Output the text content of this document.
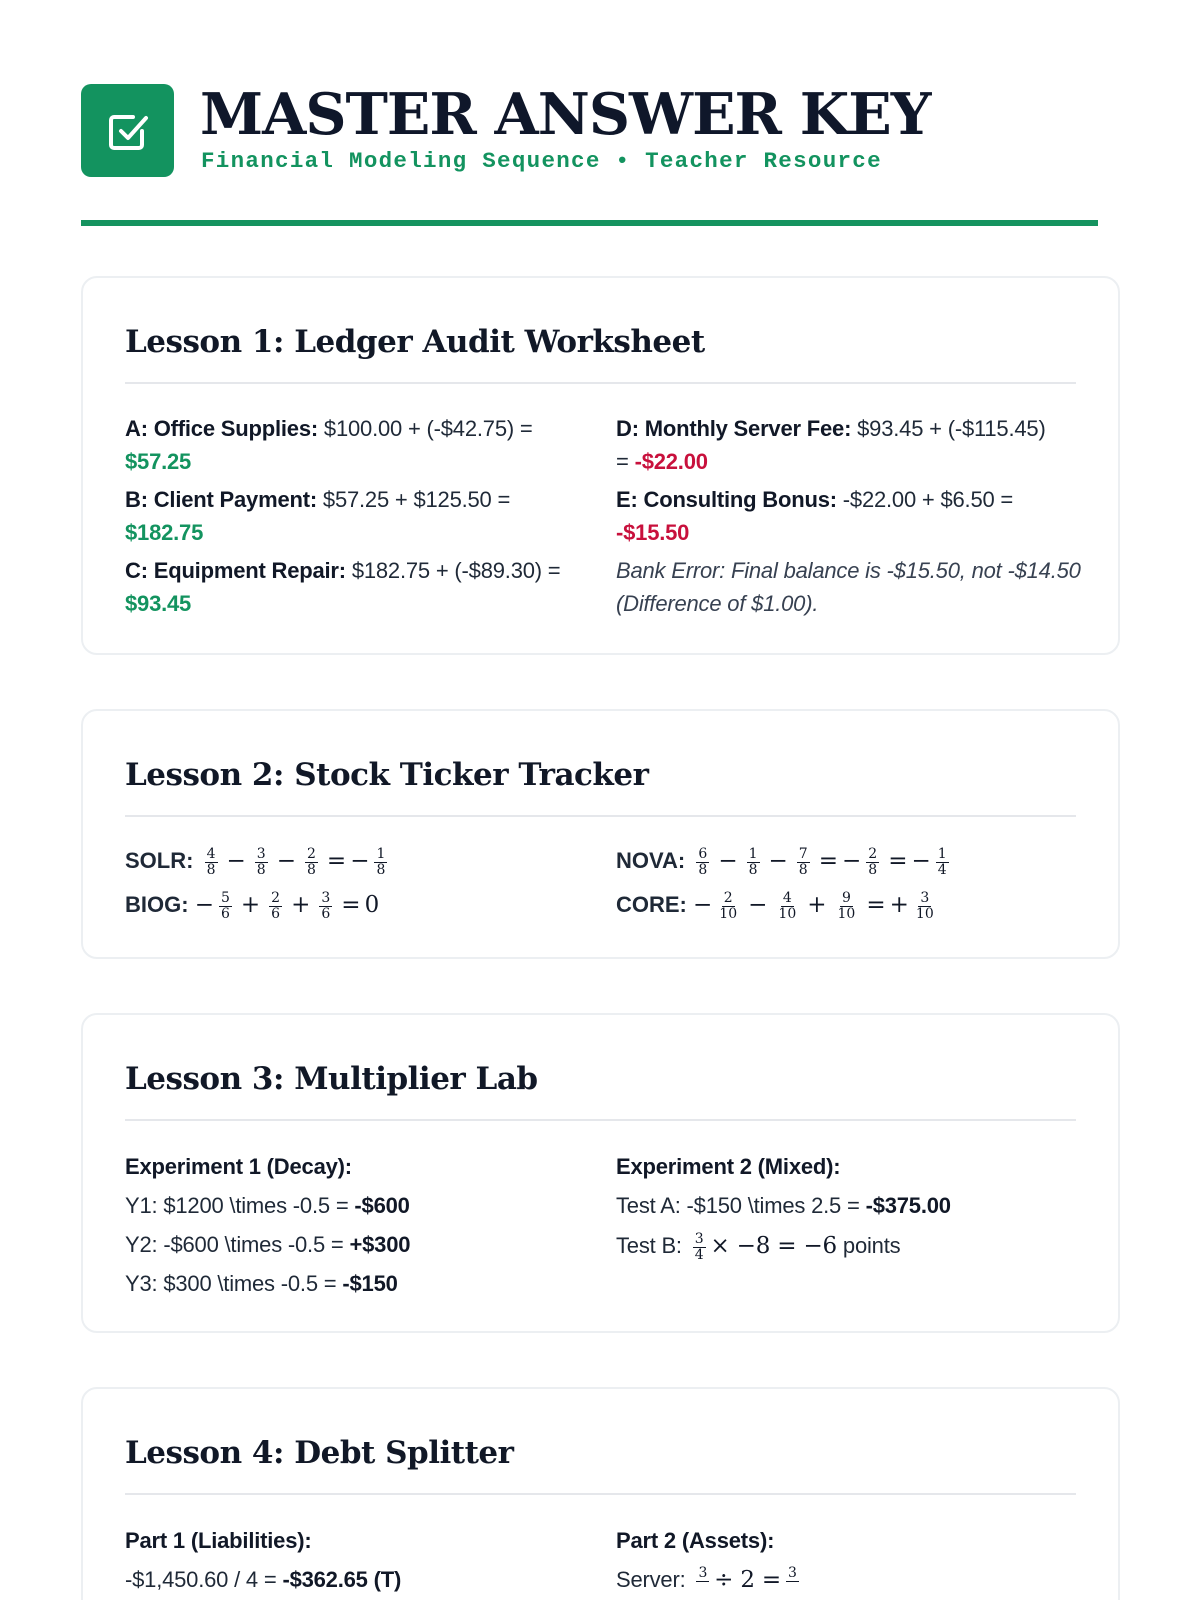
MASTER ANSWER KEY
Financial Modeling Sequence • Teacher Resource
Lesson 1: Ledger Audit Worksheet
A: Office Supplies: $100.00 + (-$42.75) =
$57.25
B: Client Payment: $57.25 + $125.50 =
$182.75
C: Equipment Repair: $182.75 + (-$89.30) =
$93.45
D: Monthly Server Fee: $93.45 + (-$115.45)
= -$22.00
E: Consulting Bonus: -$22.00 + $6.50 =
-$15.50
Bank Error: Final balance is -$15.50, not -$14.50 (Difference of $1.00).
Lesson 2: Stock Ticker Tracker
SOLR: $\frac{4}{8} - \frac{3}{8} - \frac{2}{8}$ = − $\frac{1}{8}$
BIOG: − $\frac{5}{6} + \frac{2}{6} + \frac{3}{6} = 0$
NOVA: $\frac{6}{8} - \frac{1}{8} - \frac{7}{8}$ = − $\frac{2}{8}$ = − $\frac{1}{4}$
CORE: − $\frac{2}{10} - \frac{4}{10} + \frac{9}{10}$ = + $\frac{3}{10}$
Lesson 3: Multiplier Lab
Experiment 1 (Decay):
Y1: $1200 \times -0.5 = -$600
Y2: -$600 \times -0.5 = +$300
Y3: $300 \times -0.5 = -$150
Experiment 2 (Mixed):
Test A: -$150 \times 2.5 = -$375.00
Test B: $\frac{3}{4} \times -8 = -6$ points
Lesson 4: Debt Splitter
Part 1 (Liabilities):
-$1,450.60 / 4 = -$362.65 (T)
Part 2 (Assets):
Server: 3
÷ 2 = 3
